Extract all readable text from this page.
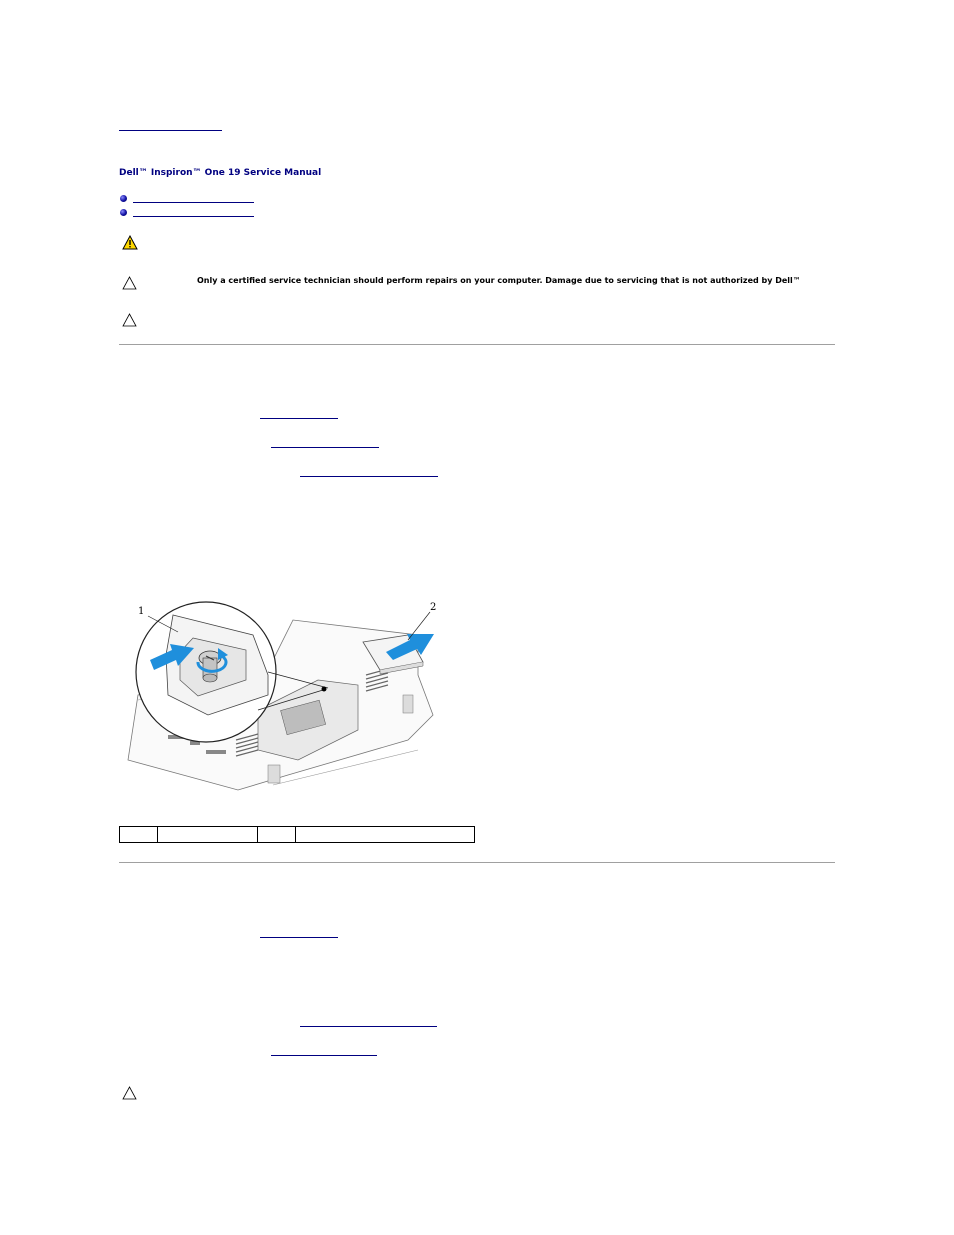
Dell™ Inspiron™ One 19 Service Manual
Only a certified service technician should perform repairs on your computer. Damage due to servicing that is not authorized by Dell™
1	2
